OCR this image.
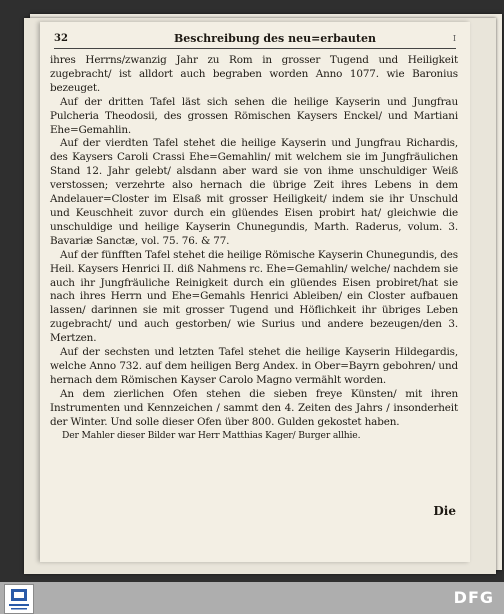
32	Beschreibung des neu=erbauten	I

ihres Herrns/zwanzig Jahr zu Rom in grosser Tugend und Heiligkeit zugebracht/ ist alldort auch begraben worden Anno 1077. wie Baronius bezeuget.

Auf der dritten Tafel läst sich sehen die heilige Kayserin und Jungfrau Pulcheria Theodosii, des grossen Römischen Kaysers Enckel/ und Martiani Ehe=Gemahlin.

Auf der vierdten Tafel stehet die heilige Kayserin und Jungfrau Richardis, des Kaysers Caroli Crassi Ehe=Gemahlin/ mit welchem sie im Jungfräulichen Stand 12. Jahr gelebt/ alsdann aber ward sie von ihme unschuldiger Weiß verstossen; verzehrte also hernach die übrige Zeit ihres Lebens in dem Andelauer=Closter im Elsaß mit grosser Heiligkeit/ indem sie ihr Unschuld und Keuschheit zuvor durch ein glüendes Eisen probirt hat/ gleichwie die unschuldige und heilige Kayserin Chunegundis, Marth. Raderus, volum. 3. Bavariæ Sanctæ, vol. 75. 76. & 77.

Auf der fünfften Tafel stehet die heilige Römische Kayserin Chunegundis, des Heil. Kaysers Henrici II. diß Nahmens rc. Ehe=Gemahlin/ welche/ nachdem sie auch ihr Jungfräuliche Reinigkeit durch ein glüendes Eisen probiret/hat sie nach ihres Herrn und Ehe=Gemahls Henrici Ableiben/ ein Closter aufbauen lassen/ darinnen sie mit grosser Tugend und Höflichkeit ihr übriges Leben zugebracht/ und auch gestorben/ wie Surius und andere bezeugen/den 3. Mertzen.

Auf der sechsten und letzten Tafel stehet die heilige Kayserin Hildegardis, welche Anno 732. auf dem heiligen Berg Andex. in Ober=Bayrn gebohren/ und hernach dem Römischen Kayser Carolo Magno vermählt worden.

An dem zierlichen Ofen stehen die sieben freye Künsten/ mit ihren Instrumenten und Kennzeichen / sammt den 4. Zeiten des Jahrs / insonderheit der Winter. Und solle dieser Ofen über 800. Gulden gekostet haben.

Der Mahler dieser Bilder war Herr Matthias Kager/ Burger allhie.

Die
DFG
